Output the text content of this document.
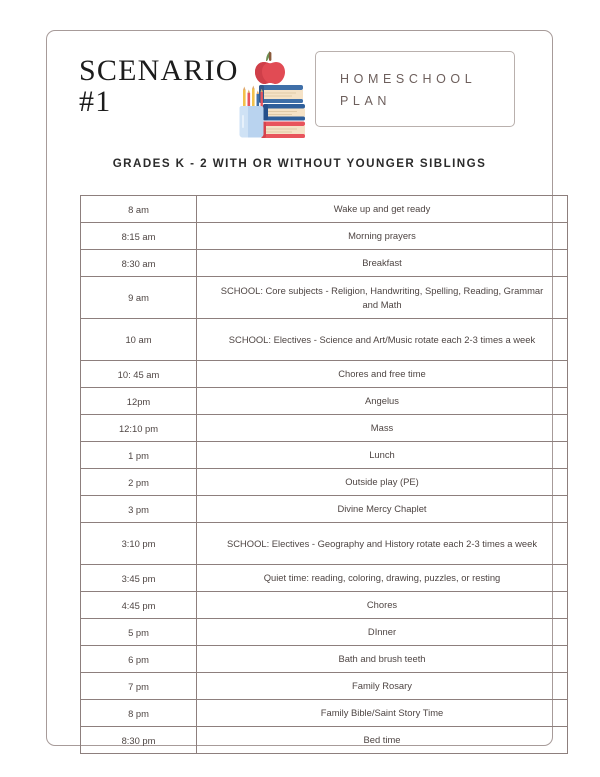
SCENARIO
#1
HOMESCHOOL PLAN
GRADES K - 2 WITH OR WITHOUT YOUNGER SIBLINGS
8 am	Wake up and get ready
8:15 am	Morning prayers
8:30 am	Breakfast
9 am	SCHOOL: Core subjects - Religion, Handwriting, Spelling, Reading, Grammar and Math
10 am	SCHOOL: Electives - Science and Art/Music rotate each 2-3 times a week
10: 45 am	Chores and free time
12pm	Angelus
12:10 pm	Mass
1 pm	Lunch
2 pm	Outside play (PE)
3 pm	Divine Mercy Chaplet
3:10 pm	SCHOOL: Electives - Geography and History rotate each 2-3 times a week
3:45 pm	Quiet time: reading, coloring, drawing, puzzles, or resting
4:45 pm	Chores
5 pm	DInner
6 pm	Bath and brush teeth
7 pm	Family Rosary
8 pm	Family Bible/Saint Story Time
8:30 pm	Bed time
